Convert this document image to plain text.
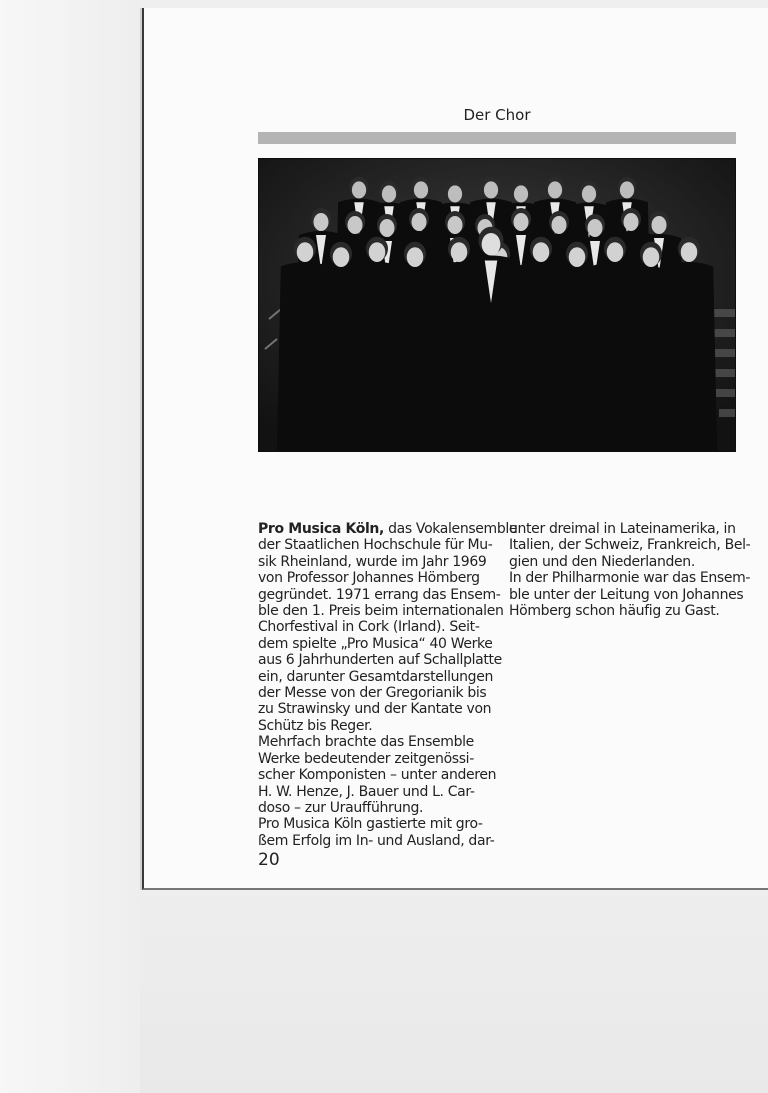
Der Chor
Pro Musica Köln, das Vokalensemble
der Staatlichen Hochschule für Mu-
sik Rheinland, wurde im Jahr 1969
von Professor Johannes Hömberg
gegründet. 1971 errang das Ensem-
ble den 1. Preis beim internationalen
Chorfestival in Cork (Irland). Seit-
dem spielte „Pro Musica“ 40 Werke
aus 6 Jahrhunderten auf Schallplatte
ein, darunter Gesamtdarstellungen
der Messe von der Gregorianik bis
zu Strawinsky und der Kantate von
Schütz bis Reger.
Mehrfach brachte das Ensemble
Werke bedeutender zeitgenössi-
scher Komponisten – unter anderen
H. W. Henze, J. Bauer und L. Car-
doso – zur Uraufführung.
Pro Musica Köln gastierte mit gro-
ßem Erfolg im In- und Ausland, dar-
unter dreimal in Lateinamerika, in
Italien, der Schweiz, Frankreich, Bel-
gien und den Niederlanden.
In der Philharmonie war das Ensem-
ble unter der Leitung von Johannes
Hömberg schon häufig zu Gast.
20
